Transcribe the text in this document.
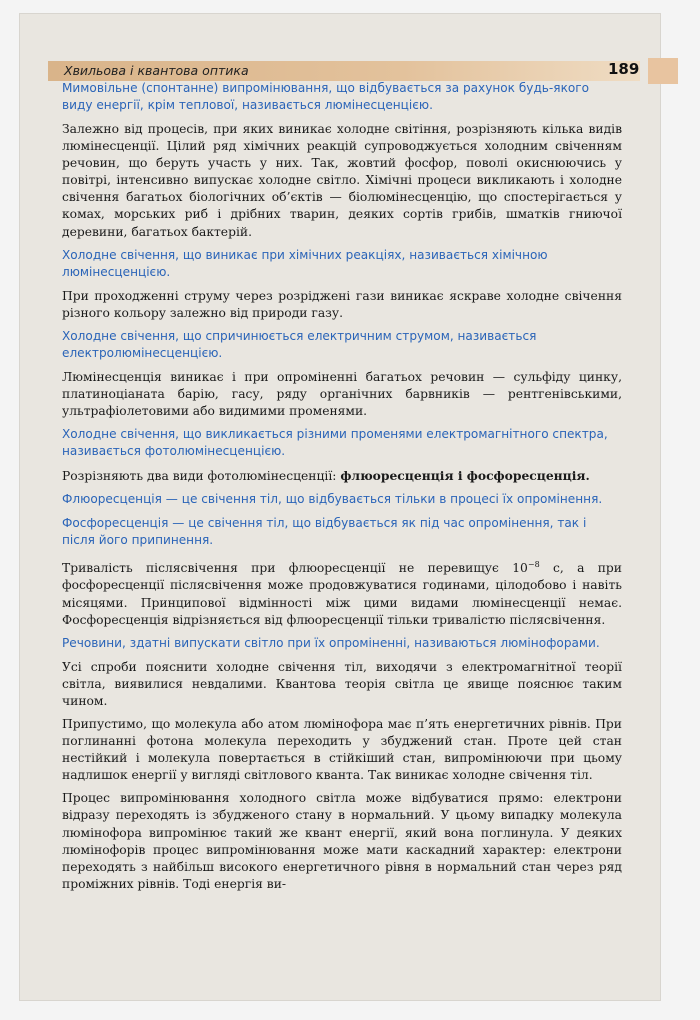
Хвильова і квантова оптика	189

Мимовільне (спонтанне) випромінювання, що відбувається за рахунок будь-якого виду енергії, крім теплової, називається люмінесценцією.

Залежно від процесів, при яких виникає холодне світіння, розрізняють кілька видів люмінесценції. Цілий ряд хімічних реакцій супроводжується холодним свіченням речовин, що беруть участь у них. Так, жовтий фосфор, поволі окиснюючись у повітрі, інтенсивно випускає холодне світло. Хімічні процеси викликають і холодне свічення багатьох біологічних об’єктів — біолюмінесценцію, що спостерігається у комах, морських риб і дрібних тварин, деяких сортів грибів, шматків гниючої деревини, багатьох бактерій.

Холодне свічення, що виникає при хімічних реакціях, називається хімічною люмінесценцією.

При проходженні струму через розріджені гази виникає яскраве холодне свічення різного кольору залежно від природи газу.

Холодне свічення, що спричинюється електричним струмом, називається електролюмінесценцією.

Люмінесценція виникає і при опроміненні багатьох речовин — сульфіду цинку, платиноціаната барію, гасу, ряду органічних барвників — рентгенівськими, ультрафіолетовими або видимими променями.

Холодне свічення, що викликається різними променями електромагнітного спектра, називається фотолюмінесценцією.

Розрізняють два види фотолюмінесценції: флюоресценція і фосфоресценція.

Флюоресценція — це свічення тіл, що відбувається тільки в процесі їх опромінення.

Фосфоресценція — це свічення тіл, що відбувається як під час опромінення, так і після його припинення.

Тривалість післясвічення при флюоресценції не перевищує $10^{-8}$ с, а при фосфоресценції післясвічення може продовжуватися годинами, цілодобово і навіть місяцями. Принципової відмінності між цими видами люмінесценції немає. Фосфоресценція відрізняється від флюоресценції тільки тривалістю післясвічення.

Речовини, здатні випускати світло при їх опроміненні, називаються люмінофорами.

Усі спроби пояснити холодне свічення тіл, виходячи з електромагнітної теорії світла, виявилися невдалими. Квантова теорія світла це явище пояснює таким чином.

Припустимо, що молекула або атом люмінофора має п’ять енергетичних рівнів. При поглинанні фотона молекула переходить у збуджений стан. Проте цей стан нестійкий і молекула повертається в стійкіший стан, випромінюючи при цьому надлишок енергії у вигляді світлового кванта. Так виникає холодне свічення тіл.

Процес випромінювання холодного світла може відбуватися прямо: електрони відразу переходять із збудженого стану в нормальний. У цьому випадку молекула люмінофора випромінює такий же квант енергії, який вона поглинула. У деяких люмінофорів процес випромінювання може мати каскадний характер: електрони переходять з найбільш високого енергетичного рівня в нормальний стан через ряд проміжних рівнів. Тоді енергія ви-
